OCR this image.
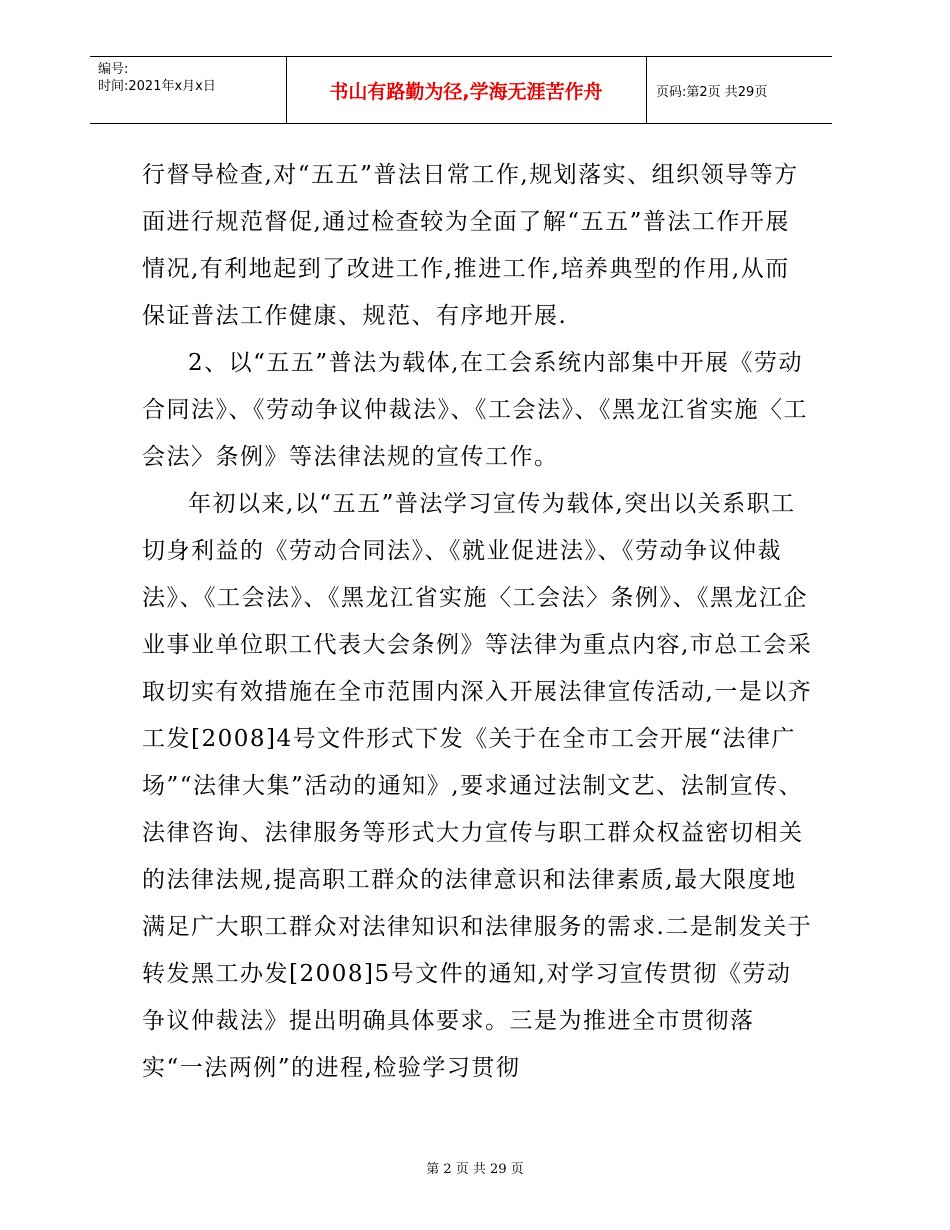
编号:
时间:2021年x月x日	书山有路勤为径,学海无涯苦作舟	页码:第2页 共29页

行督导检查,对“五五”普法日常工作,规划落实、组织领导等方面进行规范督促,通过检查较为全面了解“五五”普法工作开展情况,有利地起到了改进工作,推进工作,培养典型的作用,从而保证普法工作健康、规范、有序地开展.

2、以“五五”普法为载体,在工会系统内部集中开展《劳动合同法》、《劳动争议仲裁法》、《工会法》、《黑龙江省实施〈工会法〉条例》等法律法规的宣传工作。

年初以来,以“五五”普法学习宣传为载体,突出以关系职工切身利益的《劳动合同法》、《就业促进法》、《劳动争议仲裁法》、《工会法》、《黑龙江省实施〈工会法〉条例》、《黑龙江企业事业单位职工代表大会条例》等法律为重点内容,市总工会采取切实有效措施在全市范围内深入开展法律宣传活动,一是以齐工发[2008]4号文件形式下发《关于在全市工会开展“法律广场”“法律大集”活动的通知》,要求通过法制文艺、法制宣传、法律咨询、法律服务等形式大力宣传与职工群众权益密切相关的法律法规,提高职工群众的法律意识和法律素质,最大限度地满足广大职工群众对法律知识和法律服务的需求.二是制发关于转发黑工办发[2008]5号文件的通知,对学习宣传贯彻《劳动争议仲裁法》提出明确具体要求。三是为推进全市贯彻落实“一法两例”的进程,检验学习贯彻

第 2 页 共 29 页
